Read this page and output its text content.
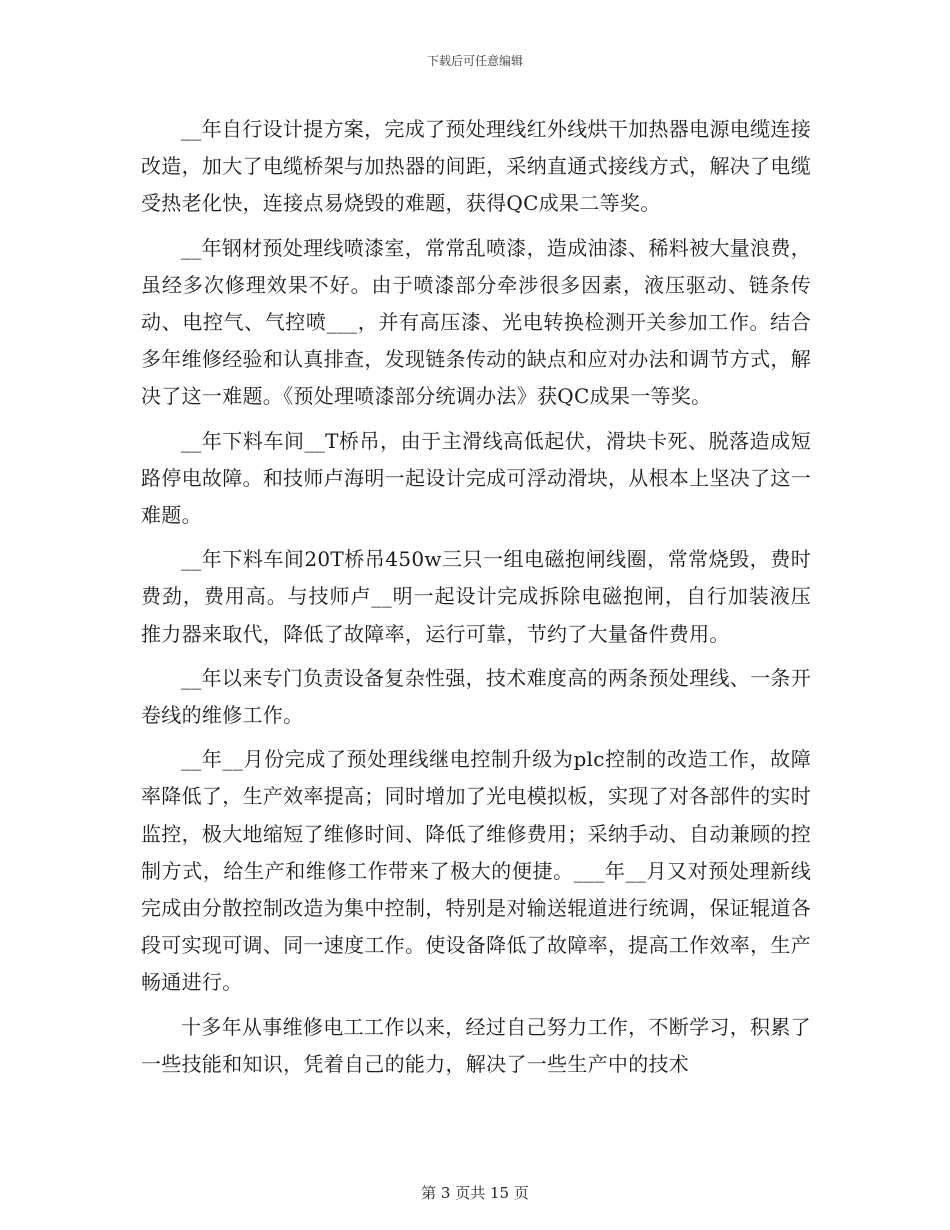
下载后可任意编辑

__年自行设计提方案，完成了预处理线红外线烘干加热器电源电缆连接改造，加大了电缆桥架与加热器的间距，采纳直通式接线方式，解决了电缆受热老化快，连接点易烧毁的难题，获得QC成果二等奖。

__年钢材预处理线喷漆室，常常乱喷漆，造成油漆、稀料被大量浪费，虽经多次修理效果不好。由于喷漆部分牵涉很多因素，液压驱动、链条传动、电控气、气控喷___，并有高压漆、光电转换检测开关参加工作。结合多年维修经验和认真排查，发现链条传动的缺点和应对办法和调节方式，解决了这一难题。《预处理喷漆部分统调办法》获QC成果一等奖。

__年下料车间__T桥吊，由于主滑线高低起伏，滑块卡死、脱落造成短路停电故障。和技师卢海明一起设计完成可浮动滑块，从根本上坚决了这一难题。

__年下料车间20T桥吊450w三只一组电磁抱闸线圈，常常烧毁，费时费劲，费用高。与技师卢__明一起设计完成拆除电磁抱闸，自行加装液压推力器来取代，降低了故障率，运行可靠，节约了大量备件费用。

__年以来专门负责设备复杂性强，技术难度高的两条预处理线、一条开卷线的维修工作。

__年__月份完成了预处理线继电控制升级为plc控制的改造工作，故障率降低了，生产效率提高；同时增加了光电模拟板，实现了对各部件的实时监控，极大地缩短了维修时间、降低了维修费用；采纳手动、自动兼顾的控制方式，给生产和维修工作带来了极大的便捷。___年__月又对预处理新线完成由分散控制改造为集中控制，特别是对输送辊道进行统调，保证辊道各段可实现可调、同一速度工作。使设备降低了故障率，提高工作效率，生产畅通进行。

十多年从事维修电工工作以来，经过自己努力工作，不断学习，积累了一些技能和知识，凭着自己的能力，解决了一些生产中的技术

第 3 页共 15 页
